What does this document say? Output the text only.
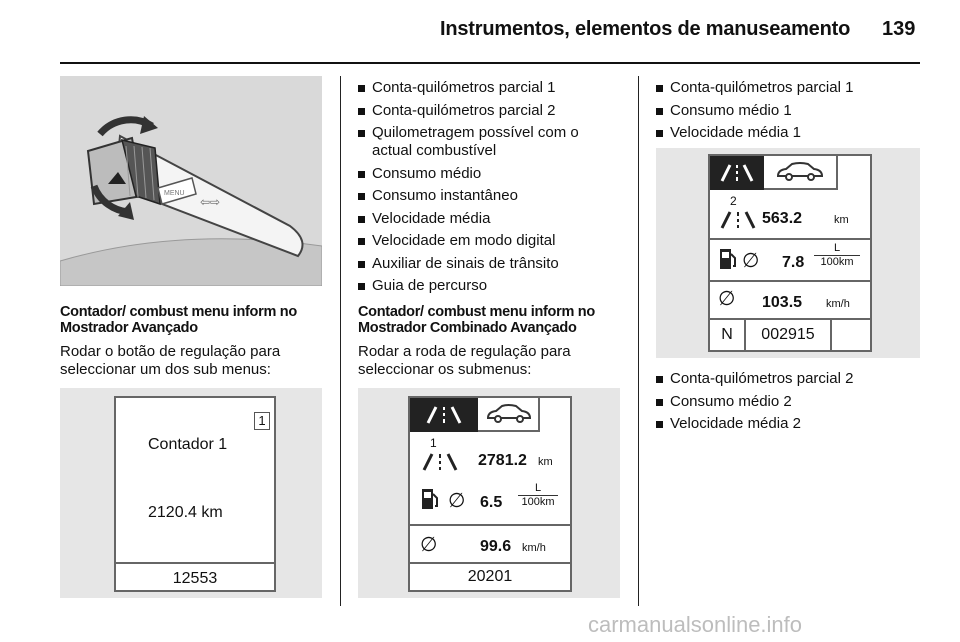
Instrumentos, elementos de manuseamento 139
MENU
⇦⇨
Contador/ combust menu inform no
Mostrador Avançado
Rodar o botão de regulação para
seleccionar um dos sub menus:
1
Contador 1
2120.4 km
12553
Conta-quilómetros parcial 1
Conta-quilómetros parcial 2
Quilometragem possível com o actual combustível
Consumo médio
Consumo instantâneo
Velocidade média
Velocidade em modo digital
Auxiliar de sinais de trânsito
Guia de percurso
Contador/ combust menu inform no
Mostrador Combinado Avançado
Rodar a roda de regulação para
seleccionar os submenus:
1
2781.2 km
∅ 6.5
L
100km
∅	99.6 km/h
20201
Conta-quilómetros parcial 1
Consumo médio 1
Velocidade média 1
2
563.2	km
∅ 7.8
L
100km
∅ 103.5 km/h
N	002915
Conta-quilómetros parcial 2
Consumo médio 2
Velocidade média 2
carmanualsonline.info
